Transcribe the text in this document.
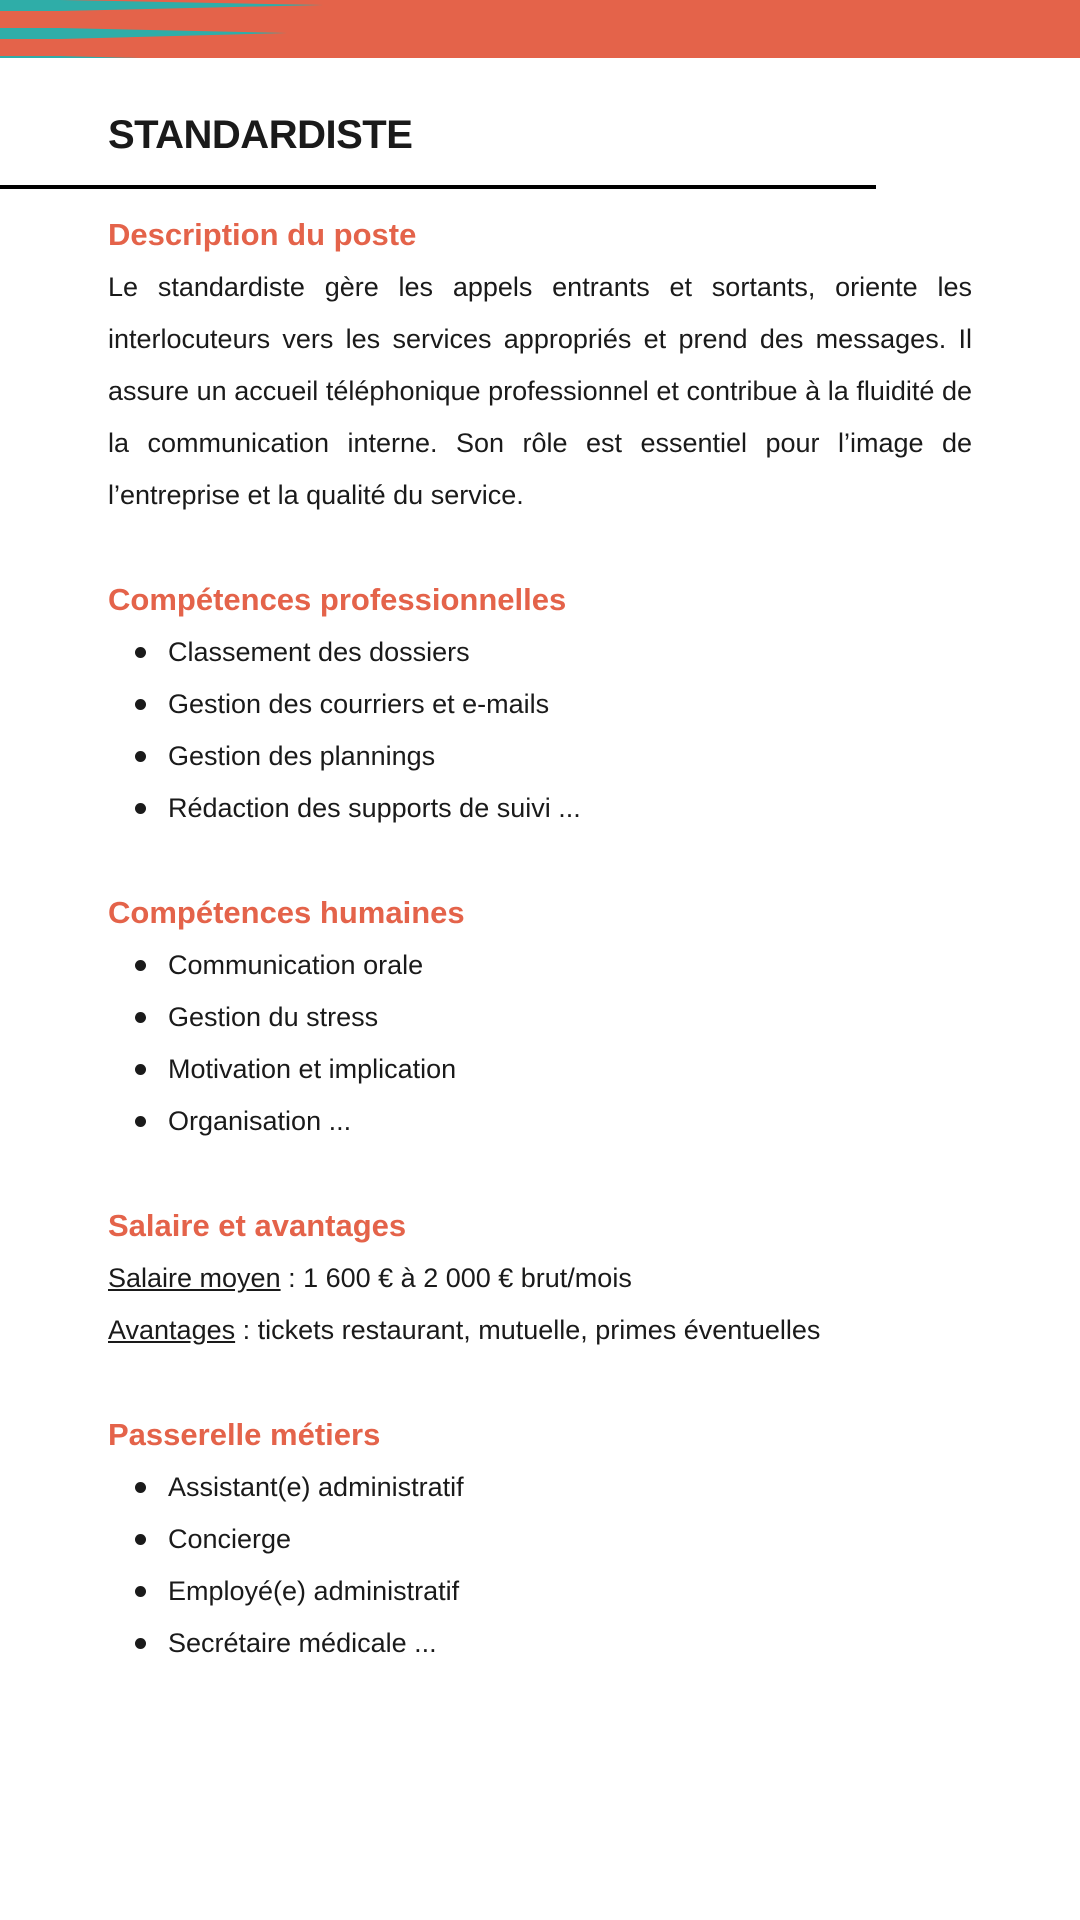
STANDARDISTE
Description du poste

Le standardiste gère les appels entrants et sortants, oriente les interlocuteurs vers les services appropriés et prend des messages. Il assure un accueil téléphonique professionnel et contribue à la fluidité de la communication interne. Son rôle est essentiel pour l’image de l’entreprise et la qualité du service.

Compétences professionnelles
Classement des dossiers
Gestion des courriers et e-mails
Gestion des plannings
Rédaction des supports de suivi ...
Compétences humaines
Communication orale
Gestion du stress
Motivation et implication
Organisation ...
Salaire et avantages
Salaire moyen : 1 600 € à 2 000 € brut/mois
Avantages : tickets restaurant, mutuelle, primes éventuelles
Passerelle métiers
Assistant(e) administratif
Concierge
Employé(e) administratif
Secrétaire médicale ...
